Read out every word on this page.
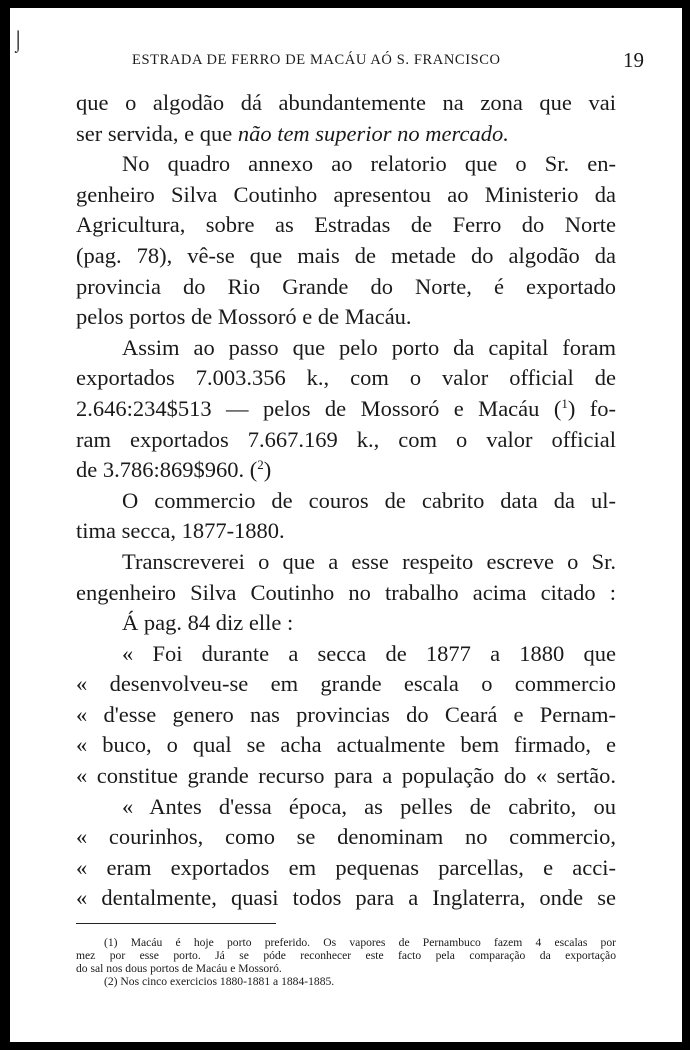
⌡
ESTRADA DE FERRO DE MACÁU AÓ S. FRANCISCO	19
que o algodão dá abundantemente na zona que vai
ser servida, e que não tem superior no mercado.
No quadro annexo ao relatorio que o Sr. en-
genheiro Silva Coutinho apresentou ao Ministerio da
Agricultura, sobre as Estradas de Ferro do Norte
(pag. 78), vê-se que mais de metade do algodão da
provincia do Rio Grande do Norte, é exportado
pelos portos de Mossoró e de Macáu.
Assim ao passo que pelo porto da capital foram
exportados 7.003.356 k., com o valor official de
2.646:234$513 — pelos de Mossoró e Macáu ($^1$) fo-
ram exportados 7.667.169 k., com o valor official
de 3.786:869$960. ($^2$)
O commercio de couros de cabrito data da ul-
tima secca, 1877-1880.
Transcreverei o que a esse respeito escreve o Sr.
engenheiro Silva Coutinho no trabalho acima citado :
Á pag. 84 diz elle :
« Foi durante a secca de 1877 a 1880 que
« desenvolveu-se em grande escala o commercio
« d'esse genero nas provincias do Ceará e Pernam-
« buco, o qual se acha actualmente bem firmado, e
« constitue grande recurso para a população do « sertão.
« Antes d'essa época, as pelles de cabrito, ou
« courinhos, como se denominam no commercio,
« eram exportados em pequenas parcellas, e acci-
« dentalmente, quasi todos para a Inglaterra, onde se
(1) Macáu é hoje porto preferido. Os vapores de Pernambuco fazem 4 escalas por
mez por esse porto. Já se póde reconhecer este facto pela comparação da exportação
do sal nos dous portos de Macáu e Mossoró.
(2) Nos cinco exercicios 1880-1881 a 1884-1885.
